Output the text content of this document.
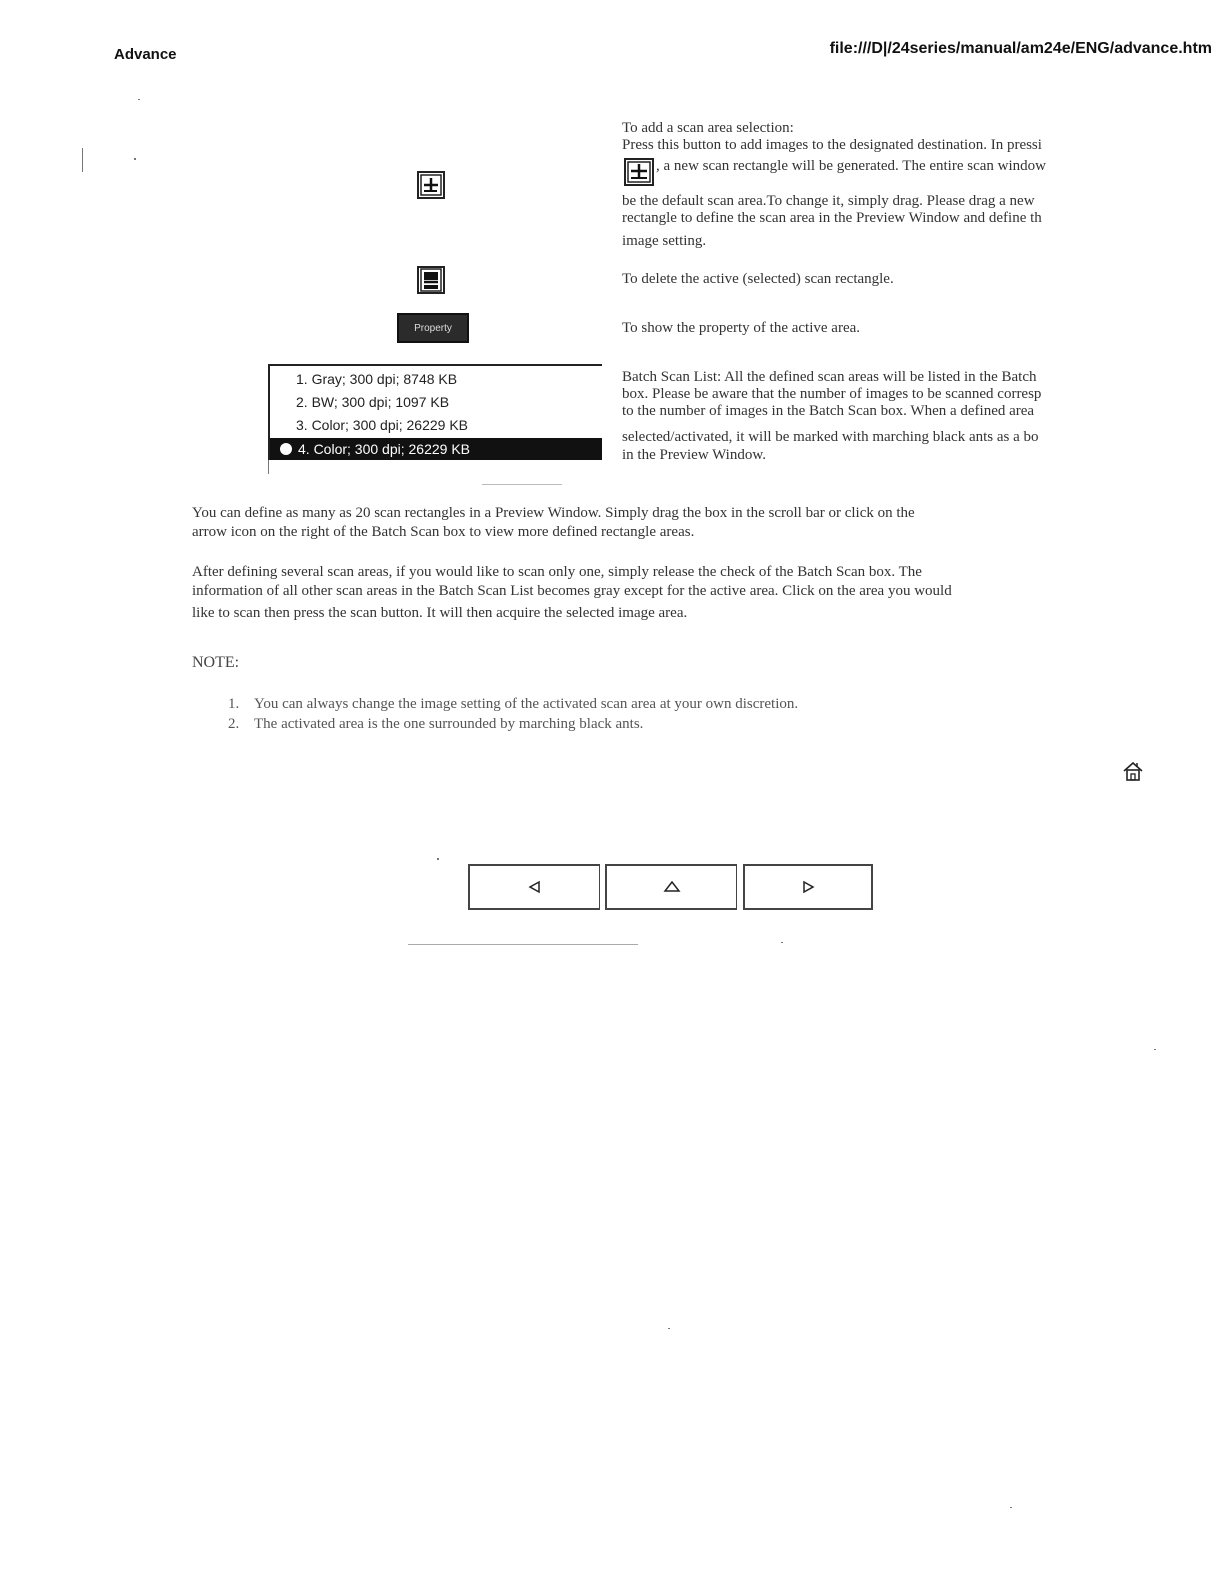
Advance	file:///D|/24series/manual/am24e/ENG/advance.htm
Property
1. Gray; 300 dpi; 8748 KB
2. BW; 300 dpi; 1097 KB
3. Color; 300 dpi; 26229 KB
4. Color; 300 dpi; 26229 KB
To add a scan area selection:
Press this button to add images to the designated destination. In pressi
, a new scan rectangle will be generated. The entire scan window
be the default scan area.To change it, simply drag. Please drag a new
rectangle to define the scan area in the Preview Window and define th
image setting.
To delete the active (selected) scan rectangle.
To show the property of the active area.
Batch Scan List: All the defined scan areas will be listed in the Batch
box. Please be aware that the number of images to be scanned corresp
to the number of images in the Batch Scan box. When a defined area
selected/activated, it will be marked with marching black ants as a bo
in the Preview Window.
You can define as many as 20 scan rectangles in a Preview Window. Simply drag the box in the scroll bar or click on the
arrow icon on the right of the Batch Scan box to view more defined rectangle areas.
After defining several scan areas, if you would like to scan only one, simply release the check of the Batch Scan box. The
information of all other scan areas in the Batch Scan List becomes gray except for the active area. Click on the area you would
like to scan then press the scan button. It will then acquire the selected image area.
NOTE:
1. You can always change the image setting of the activated scan area at your own discretion.
2. The activated area is the one surrounded by marching black ants.
